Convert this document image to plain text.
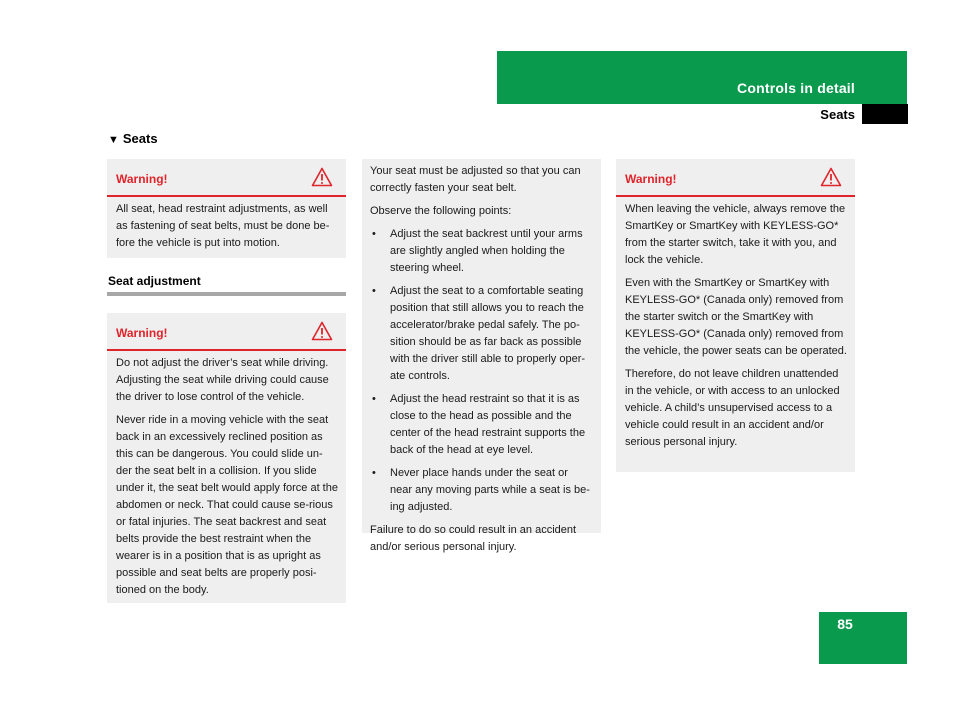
Controls in detail
Seats
▼ Seats
Warning!

All seat, head restraint adjustments, as well as fastening of seat belts, must be done be-fore the vehicle is put into motion.

Seat adjustment
Warning!

Do not adjust the driver’s seat while driving. Adjusting the seat while driving could cause the driver to lose control of the vehicle.

Never ride in a moving vehicle with the seat back in an excessively reclined position as this can be dangerous. You could slide un-der the seat belt in a collision. If you slide under it, the seat belt would apply force at the abdomen or neck. That could cause se-rious or fatal injuries. The seat backrest and seat belts provide the best restraint when the wearer is in a position that is as upright as possible and seat belts are properly posi-tioned on the body.

Your seat must be adjusted so that you can correctly fasten your seat belt.

Observe the following points:

• Adjust the seat backrest until your arms are slightly angled when holding the steering wheel.
• Adjust the seat to a comfortable seating position that still allows you to reach the accelerator/brake pedal safely. The po-sition should be as far back as possible with the driver still able to properly oper-ate controls.
• Adjust the head restraint so that it is as close to the head as possible and the center of the head restraint supports the back of the head at eye level.
• Never place hands under the seat or near any moving parts while a seat is be-ing adjusted.

Failure to do so could result in an accident and/or serious personal injury.

Warning!

When leaving the vehicle, always remove the SmartKey or SmartKey with KEYLESS-GO* from the starter switch, take it with you, and lock the vehicle.

Even with the SmartKey or SmartKey with KEYLESS-GO* (Canada only) removed from the starter switch or the SmartKey with KEYLESS-GO* (Canada only) removed from the vehicle, the power seats can be operated.

Therefore, do not leave children unattended in the vehicle, or with access to an unlocked vehicle. A child’s unsupervised access to a vehicle could result in an accident and/or serious personal injury.

85
